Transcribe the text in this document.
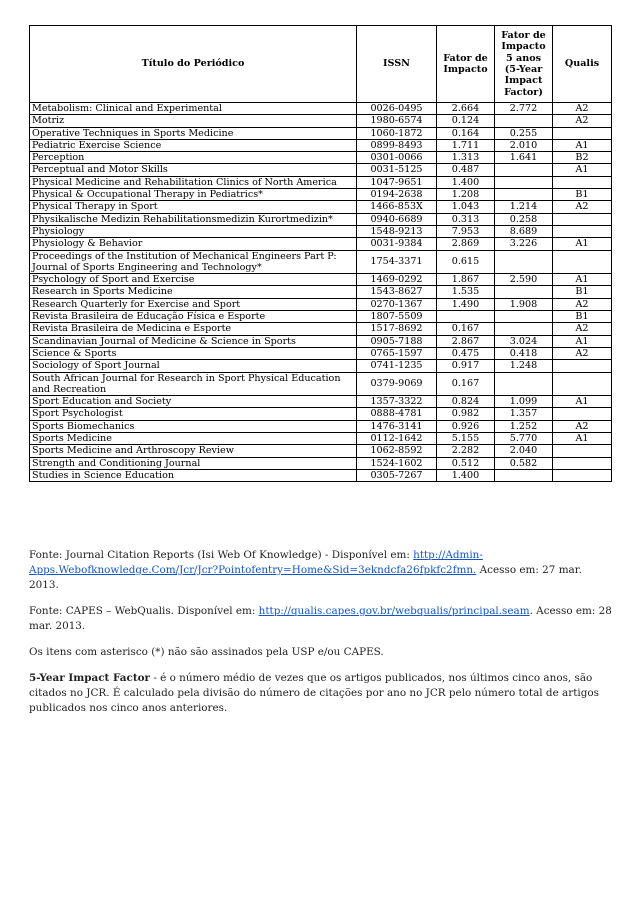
Título do Periódico	ISSN	Fator de Impacto	Fator de Impacto 5 anos (5-Year Impact Factor)	Qualis
Metabolism: Clinical and Experimental	0026-0495	2.664	2.772	A2
Motriz	1980-6574	0.124		A2
Operative Techniques in Sports Medicine	1060-1872	0.164	0.255	
Pediatric Exercise Science	0899-8493	1.711	2.010	A1
Perception	0301-0066	1.313	1.641	B2
Perceptual and Motor Skills	0031-5125	0.487		A1
Physical Medicine and Rehabilitation Clinics of North America	1047-9651	1.400		
Physical & Occupational Therapy in Pediatrics*	0194-2638	1.208		B1
Physical Therapy in Sport	1466-853X	1.043	1.214	A2
Physikalische Medizin Rehabilitationsmedizin Kurortmedizin*	0940-6689	0.313	0.258	
Physiology	1548-9213	7.953	8.689	
Physiology & Behavior	0031-9384	2.869	3.226	A1
Proceedings of the Institution of Mechanical Engineers Part P: Journal of Sports Engineering and Technology*	1754-3371	0.615		
Psychology of Sport and Exercise	1469-0292	1.867	2.590	A1
Research in Sports Medicine	1543-8627	1.535		B1
Research Quarterly for Exercise and Sport	0270-1367	1.490	1.908	A2
Revista Brasileira de Educação Física e Esporte	1807-5509			B1
Revista Brasileira de Medicina e Esporte	1517-8692	0.167		A2
Scandinavian Journal of Medicine & Science in Sports	0905-7188	2.867	3.024	A1
Science & Sports	0765-1597	0.475	0.418	A2
Sociology of Sport Journal	0741-1235	0.917	1.248	
South African Journal for Research in Sport Physical Education and Recreation	0379-9069	0.167		
Sport Education and Society	1357-3322	0.824	1.099	A1
Sport Psychologist	0888-4781	0.982	1.357	
Sports Biomechanics	1476-3141	0.926	1.252	A2
Sports Medicine	0112-1642	5.155	5.770	A1
Sports Medicine and Arthroscopy Review	1062-8592	2.282	2.040	
Strength and Conditioning Journal	1524-1602	0.512	0.582	
Studies in Science Education	0305-7267	1.400		

Fonte: Journal Citation Reports (Isi Web Of Knowledge) - Disponível em: http://Admin-Apps.Webofknowledge.Com/Jcr/Jcr?Pointofentry=Home&Sid=3ekndcfa26fpkfc2fmn. Acesso em: 27 mar. 2013.

Fonte: CAPES – WebQualis. Disponível em: http://qualis.capes.gov.br/webqualis/principal.seam. Acesso em: 28 mar. 2013.

Os itens com asterisco (*) não são assinados pela USP e/ou CAPES.

5-Year Impact Factor - é o número médio de vezes que os artigos publicados, nos últimos cinco anos, são citados no JCR. É calculado pela divisão do número de citações por ano no JCR pelo número total de artigos publicados nos cinco anos anteriores.
